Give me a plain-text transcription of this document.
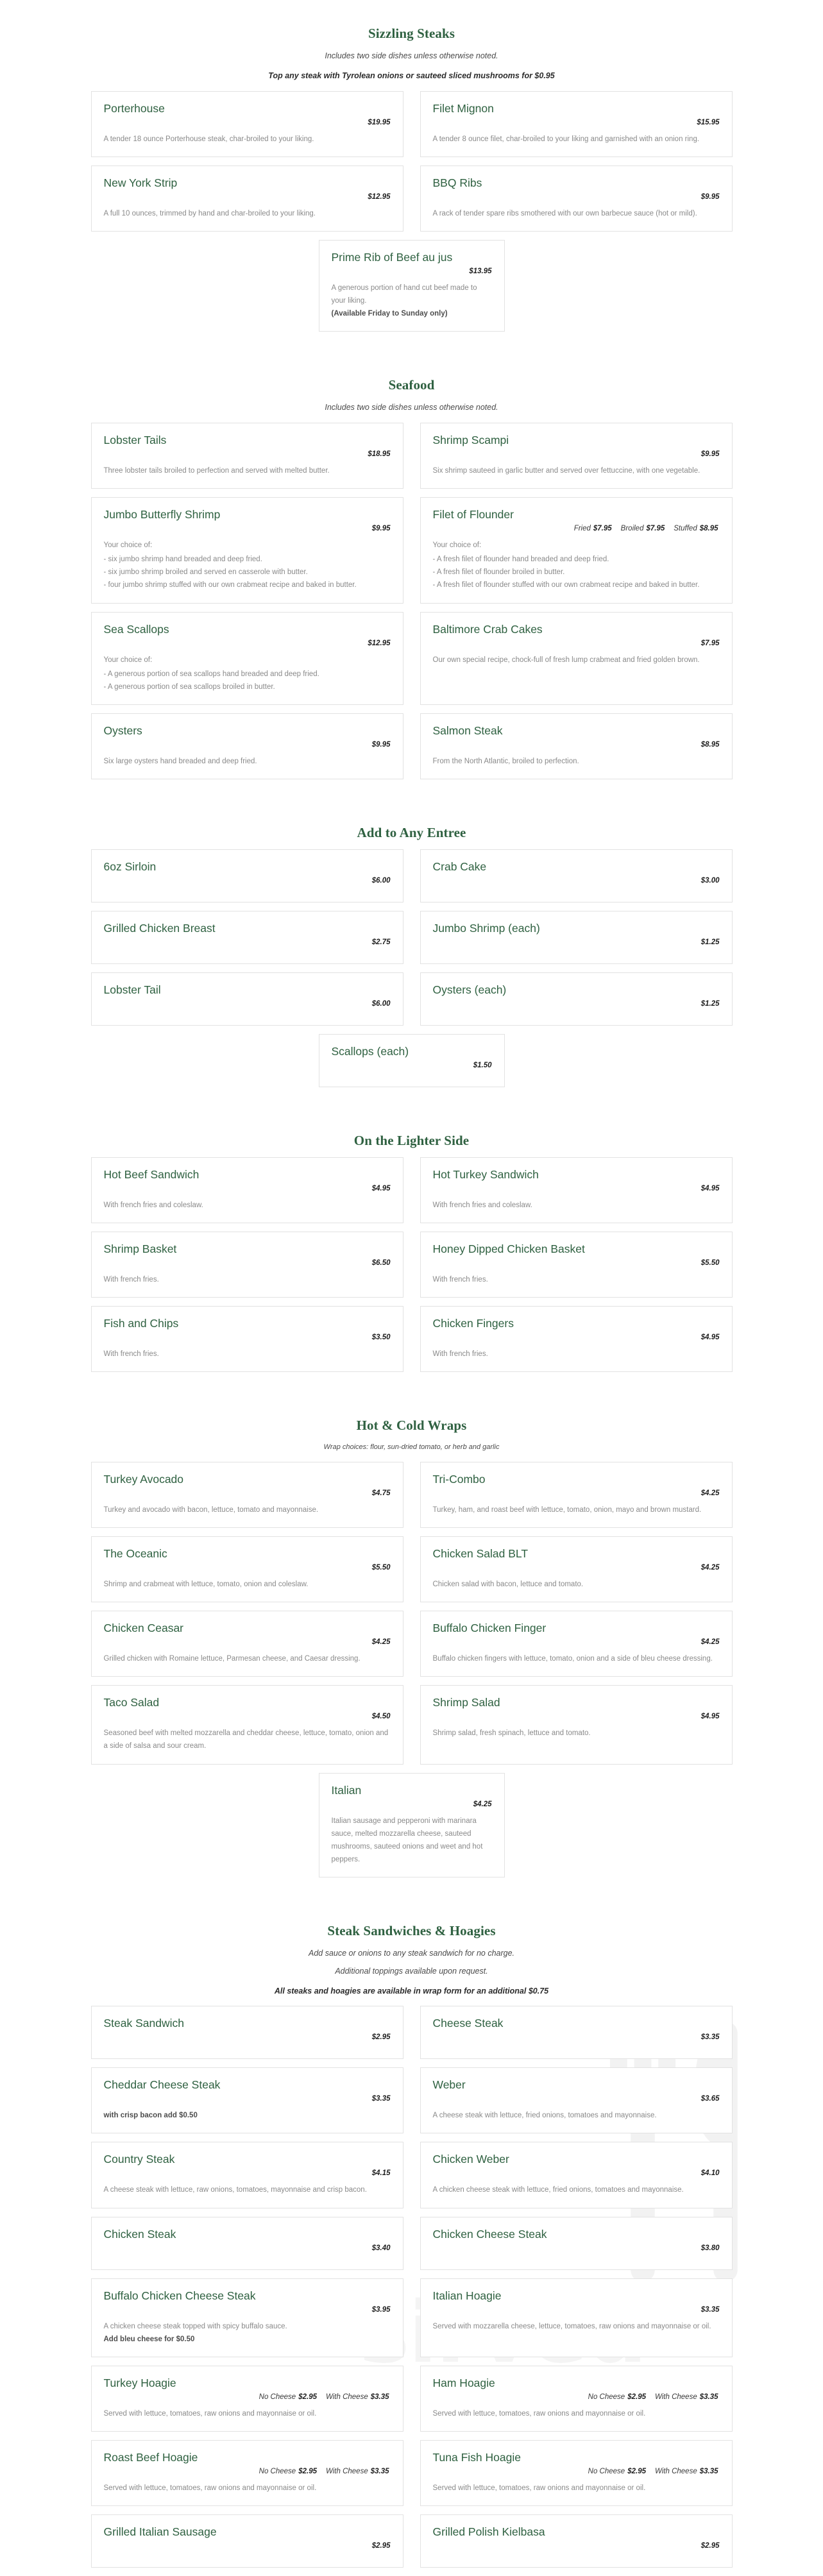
Sizzling Steaks

Includes two side dishes unless otherwise noted.

Top any steak with Tyrolean onions or sauteed sliced mushrooms for $0.95

Porterhouse
$19.95

A tender 18 ounce Porterhouse steak, char-broiled to your liking.

Filet Mignon
$15.95

A tender 8 ounce filet, char-broiled to your liking and garnished with an onion ring.

New York Strip
$12.95

A full 10 ounces, trimmed by hand and char-broiled to your liking.

BBQ Ribs
$9.95

A rack of tender spare ribs smothered with our own barbecue sauce (hot or mild).

Prime Rib of Beef au jus
$13.95

A generous portion of hand cut beef made to your liking.
(Available Friday to Sunday only)

Seafood

Includes two side dishes unless otherwise noted.

Lobster Tails
$18.95

Three lobster tails broiled to perfection and served with melted butter.

Shrimp Scampi
$9.95

Six shrimp sauteed in garlic butter and served over fettuccine, with one vegetable.

Jumbo Butterfly Shrimp
$9.95

Your choice of:

- six jumbo shrimp hand breaded and deep fried.
- six jumbo shrimp broiled and served en casserole with butter.
- four jumbo shrimp stuffed with our own crabmeat recipe and baked in butter.
Filet of Flounder
Fried $7.95 Broiled $7.95 Stuffed $8.95

Your choice of:

- A fresh filet of flounder hand breaded and deep fried.
- A fresh filet of flounder broiled in butter.
- A fresh filet of flounder stuffed with our own crabmeat recipe and baked in butter.
Sea Scallops
$12.95

Your choice of:

- A generous portion of sea scallops hand breaded and deep fried.
- A generous portion of sea scallops broiled in butter.
Baltimore Crab Cakes
$7.95

Our own special recipe, chock-full of fresh lump crabmeat and fried golden brown.

Oysters
$9.95

Six large oysters hand breaded and deep fried.

Salmon Steak
$8.95

From the North Atlantic, broiled to perfection.

Add to Any Entree
6oz Sirloin
$6.00
Crab Cake
$3.00
Grilled Chicken Breast
$2.75
Jumbo Shrimp (each)
$1.25
Lobster Tail
$6.00
Oysters (each)
$1.25
Scallops (each)
$1.50
On the Lighter Side
Hot Beef Sandwich
$4.95

With french fries and coleslaw.

Hot Turkey Sandwich
$4.95

With french fries and coleslaw.

Shrimp Basket
$6.50

With french fries.

Honey Dipped Chicken Basket
$5.50

With french fries.

Fish and Chips
$3.50

With french fries.

Chicken Fingers
$4.95

With french fries.

Hot & Cold Wraps

Wrap choices: flour, sun-dried tomato, or herb and garlic

Turkey Avocado
$4.75

Turkey and avocado with bacon, lettuce, tomato and mayonnaise.

Tri-Combo
$4.25

Turkey, ham, and roast beef with lettuce, tomato, onion, mayo and brown mustard.

The Oceanic
$5.50

Shrimp and crabmeat with lettuce, tomato, onion and coleslaw.

Chicken Salad BLT
$4.25

Chicken salad with bacon, lettuce and tomato.

Chicken Ceasar
$4.25

Grilled chicken with Romaine lettuce, Parmesan cheese, and Caesar dressing.

Buffalo Chicken Finger
$4.25

Buffalo chicken fingers with lettuce, tomato, onion and a side of bleu cheese dressing.

Taco Salad
$4.50

Seasoned beef with melted mozzarella and cheddar cheese, lettuce, tomato, onion and a side of salsa and sour cream.

Shrimp Salad
$4.95

Shrimp salad, fresh spinach, lettuce and tomato.

Italian
$4.25

Italian sausage and pepperoni with marinara sauce, melted mozzarella cheese, sauteed mushrooms, sauteed onions and weet and hot peppers.

Steak Sandwiches & Hoagies

Add sauce or onions to any steak sandwich for no charge.

Additional toppings available upon request.

All steaks and hoagies are available in wrap form for an additional $0.75

Steak Sandwich
$2.95
Cheese Steak
$3.35
Cheddar Cheese Steak
$3.35

with crisp bacon add $0.50

Weber
$3.65

A cheese steak with lettuce, fried onions, tomatoes and mayonnaise.

Country Steak
$4.15

A cheese steak with lettuce, raw onions, tomatoes, mayonnaise and crisp bacon.

Chicken Weber
$4.10

A chicken cheese steak with lettuce, fried onions, tomatoes and mayonnaise.

Chicken Steak
$3.40
Chicken Cheese Steak
$3.80
Buffalo Chicken Cheese Steak
$3.95

A chicken cheese steak topped with spicy buffalo sauce.
Add bleu cheese for $0.50

Italian Hoagie
$3.35

Served with mozzarella cheese, lettuce, tomatoes, raw onions and mayonnaise or oil.

Turkey Hoagie
No Cheese $2.95 With Cheese $3.35

Served with lettuce, tomatoes, raw onions and mayonnaise or oil.

Ham Hoagie
No Cheese $2.95 With Cheese $3.35

Served with lettuce, tomatoes, raw onions and mayonnaise or oil.

Roast Beef Hoagie
No Cheese $2.95 With Cheese $3.35

Served with lettuce, tomatoes, raw onions and mayonnaise or oil.

Tuna Fish Hoagie
No Cheese $2.95 With Cheese $3.35

Served with lettuce, tomatoes, raw onions and mayonnaise or oil.

Grilled Italian Sausage
$2.95
Grilled Polish Kielbasa
$2.95
